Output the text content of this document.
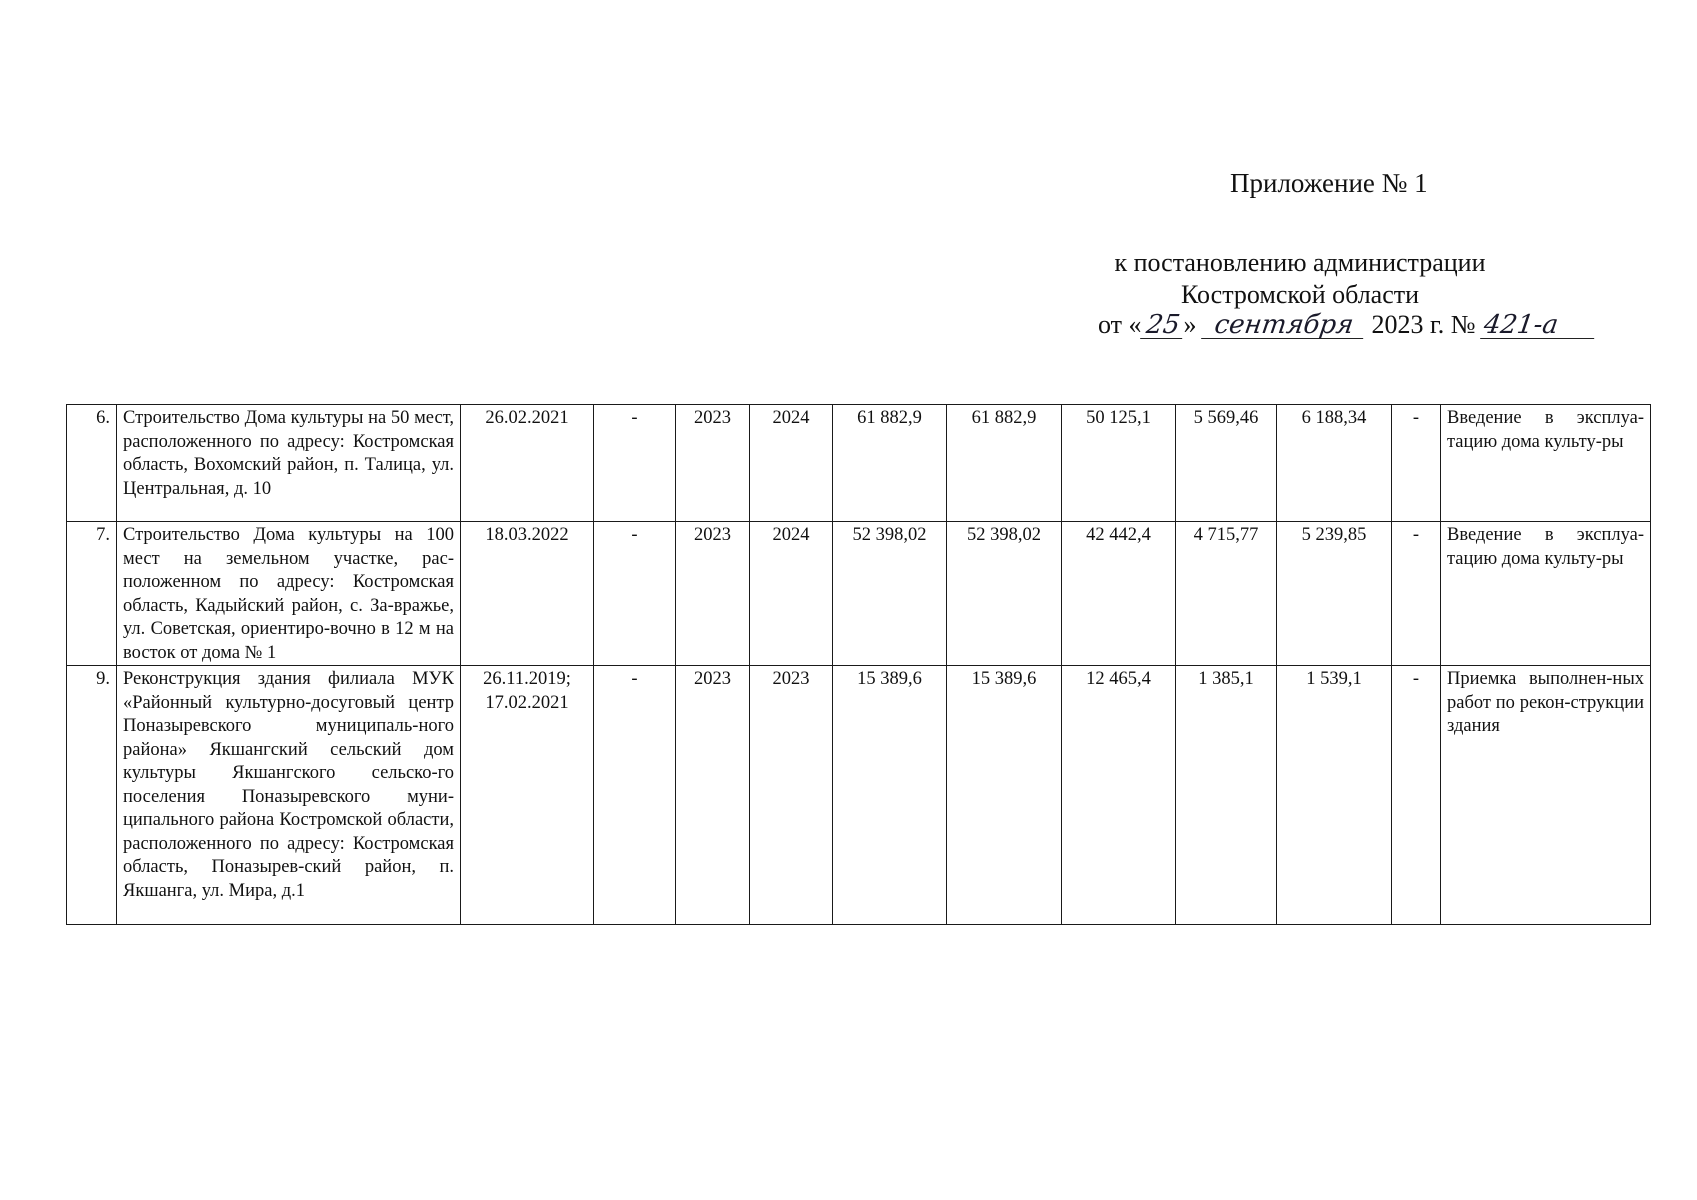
Приложение № 1
к постановлению администрации
Костромской области
от «25» сентября 2023 г. № 421-а
6.	Строительство Дома культуры на 50 мест, расположенного по адресу: Костромская область, Вохомский район, п. Талица, ул. Центральная, д. 10	26.02.2021	-	2023	2024	61 882,9	61 882,9	50 125,1	5 569,46	6 188,34	-	Введение в эксплуа-тацию дома культу-ры
7.	Строительство Дома культуры на 100 мест на земельном участке, рас-положенном по адресу: Костромская область, Кадыйский район, с. За-вражье, ул. Советская, ориентиро-вочно в 12 м на восток от дома № 1	18.03.2022	-	2023	2024	52 398,02	52 398,02	42 442,4	4 715,77	5 239,85	-	Введение в эксплуа-тацию дома культу-ры
9.	Реконструкция здания филиала МУК «Районный культурно-досуговый центр Поназыревского муниципаль-ного района» Якшангский сельский дом культуры Якшангского сельско-го поселения Поназыревского муни-ципального района Костромской области, расположенного по адресу: Костромская область, Поназырев-ский район, п. Якшанга, ул. Мира, д.1	26.11.2019;
17.02.2021	-	2023	2023	15 389,6	15 389,6	12 465,4	1 385,1	1 539,1	-	Приемка выполнен-ных работ по рекон-струкции здания
